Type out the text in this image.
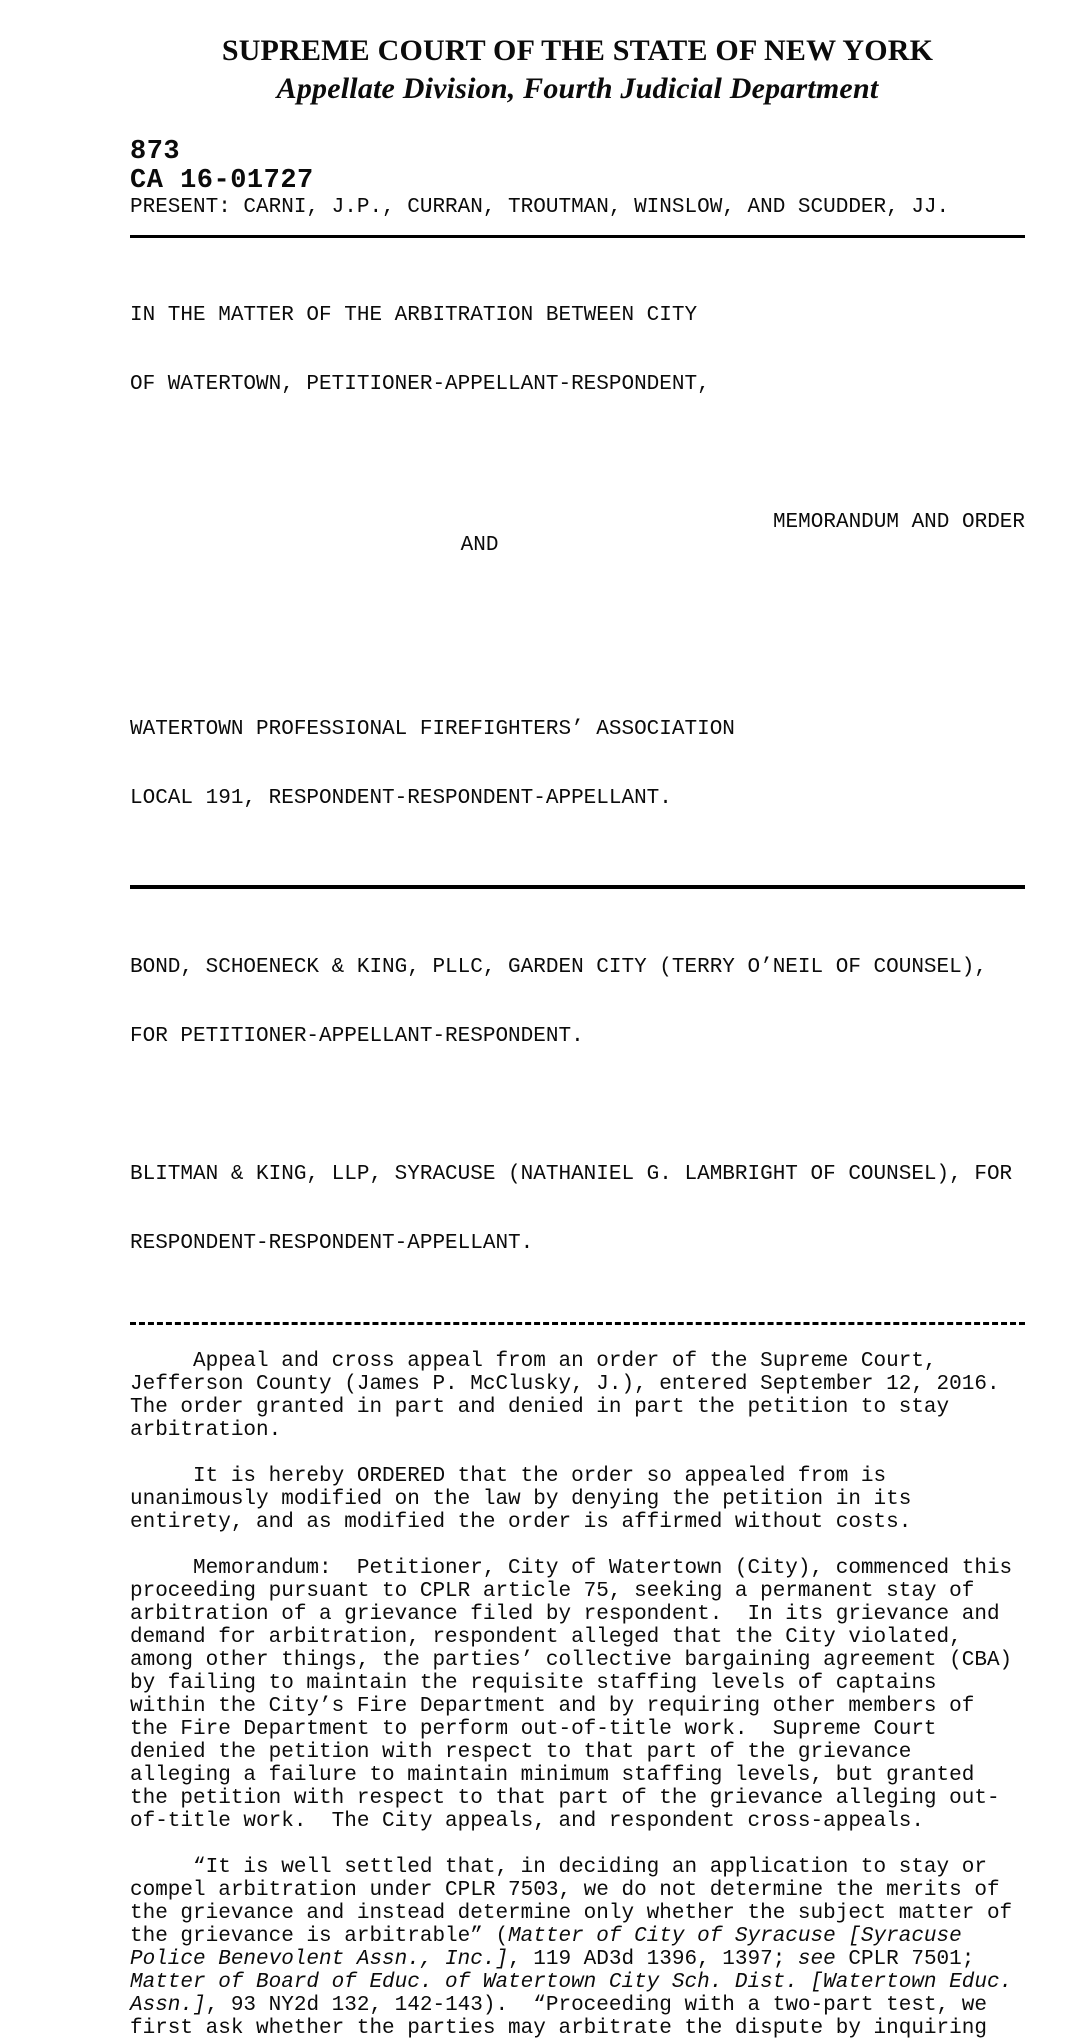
SUPREME COURT OF THE STATE OF NEW YORK
Appellate Division, Fourth Judicial Department
873
CA 16-01727
PRESENT: CARNI, J.P., CURRAN, TROUTMAN, WINSLOW, AND SCUDDER, JJ.

IN THE MATTER OF THE ARBITRATION BETWEEN CITY

OF WATERTOWN, PETITIONER-APPELLANT-RESPONDENT,

AND

MEMORANDUM AND ORDER

WATERTOWN PROFESSIONAL FIREFIGHTERS’ ASSOCIATION

LOCAL 191, RESPONDENT-RESPONDENT-APPELLANT.

BOND, SCHOENECK & KING, PLLC, GARDEN CITY (TERRY O’NEIL OF COUNSEL),

FOR PETITIONER-APPELLANT-RESPONDENT.

BLITMAN & KING, LLP, SYRACUSE (NATHANIEL G. LAMBRIGHT OF COUNSEL), FOR

RESPONDENT-RESPONDENT-APPELLANT.

Appeal and cross appeal from an order of the Supreme Court,
Jefferson County (James P. McClusky, J.), entered September 12, 2016.
The order granted in part and denied in part the petition to stay
arbitration.
It is hereby ORDERED that the order so appealed from is
unanimously modified on the law by denying the petition in its
entirety, and as modified the order is affirmed without costs.
Memorandum:  Petitioner, City of Watertown (City), commenced this
proceeding pursuant to CPLR article 75, seeking a permanent stay of
arbitration of a grievance filed by respondent.  In its grievance and
demand for arbitration, respondent alleged that the City violated,
among other things, the parties’ collective bargaining agreement (CBA)
by failing to maintain the requisite staffing levels of captains
within the City’s Fire Department and by requiring other members of
the Fire Department to perform out-of-title work.  Supreme Court
denied the petition with respect to that part of the grievance
alleging a failure to maintain minimum staffing levels, but granted
the petition with respect to that part of the grievance alleging out-
of-title work.  The City appeals, and respondent cross-appeals.
“It is well settled that, in deciding an application to stay or
compel arbitration under CPLR 7503, we do not determine the merits of
the grievance and instead determine only whether the subject matter of
the grievance is arbitrable” (Matter of City of Syracuse [Syracuse
Police Benevolent Assn., Inc.], 119 AD3d 1396, 1397; see CPLR 7501;
Matter of Board of Educ. of Watertown City Sch. Dist. [Watertown Educ.
Assn.], 93 NY2d 132, 142-143).  “Proceeding with a two-part test, we
first ask whether the parties may arbitrate the dispute by inquiring
